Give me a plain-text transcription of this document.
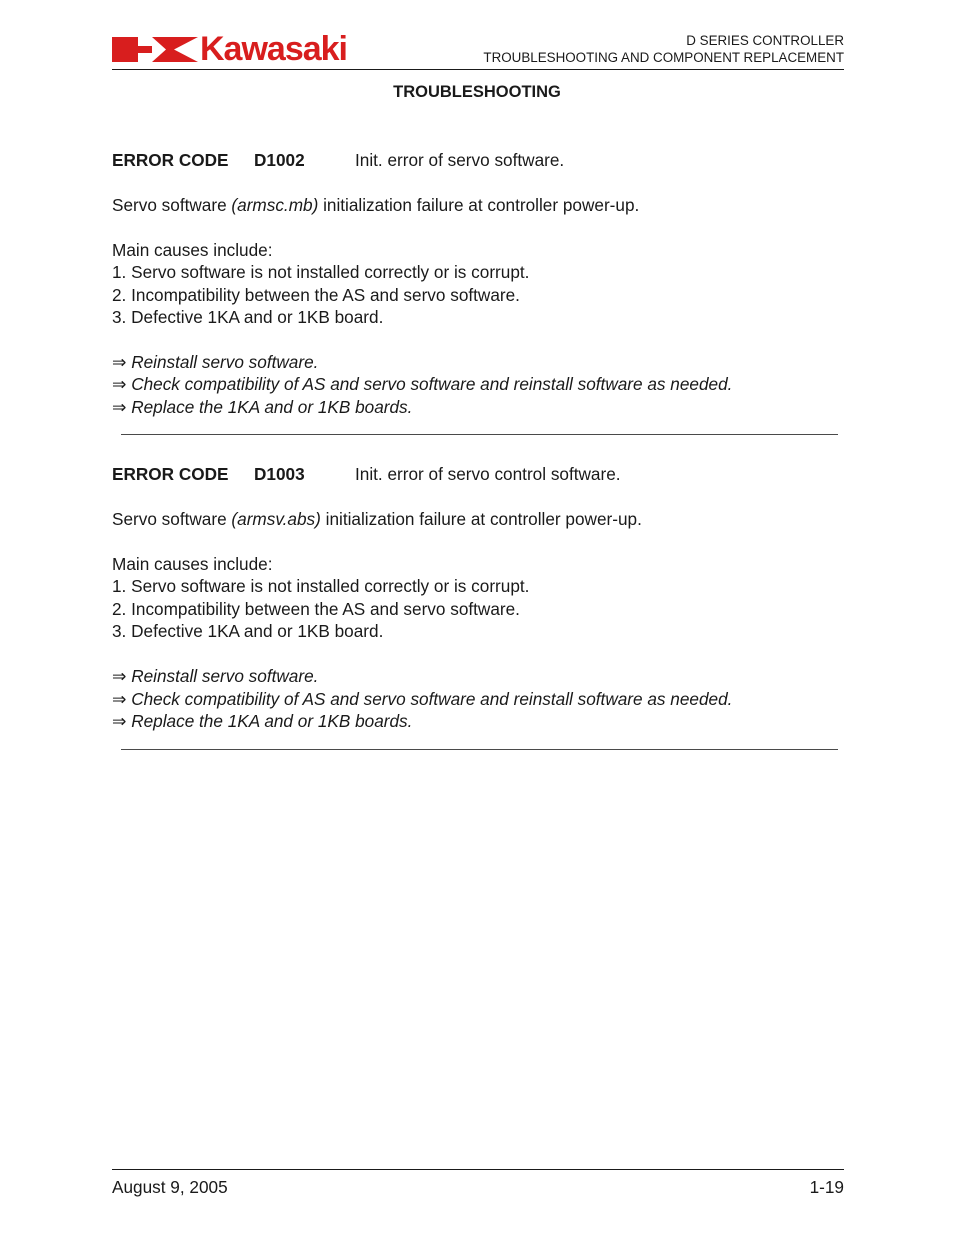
Kawasaki	D SERIES CONTROLLER
TROUBLESHOOTING AND COMPONENT REPLACEMENT
TROUBLESHOOTING
ERROR CODE D1002	Init. error of servo software.
Servo software (armsc.mb) initialization failure at controller power-up.
Main causes include:
1. Servo software is not installed correctly or is corrupt.
2. Incompatibility between the AS and servo software.
3. Defective 1KA and or 1KB board.
⇒ Reinstall servo software.
⇒ Check compatibility of AS and servo software and reinstall software as needed.
⇒ Replace the 1KA and or 1KB boards.
ERROR CODE D1003	Init. error of servo control software.
Servo software (armsv.abs) initialization failure at controller power-up.
Main causes include:
1. Servo software is not installed correctly or is corrupt.
2. Incompatibility between the AS and servo software.
3. Defective 1KA and or 1KB board.
⇒ Reinstall servo software.
⇒ Check compatibility of AS and servo software and reinstall software as needed.
⇒ Replace the 1KA and or 1KB boards.
August 9, 2005	1-19
